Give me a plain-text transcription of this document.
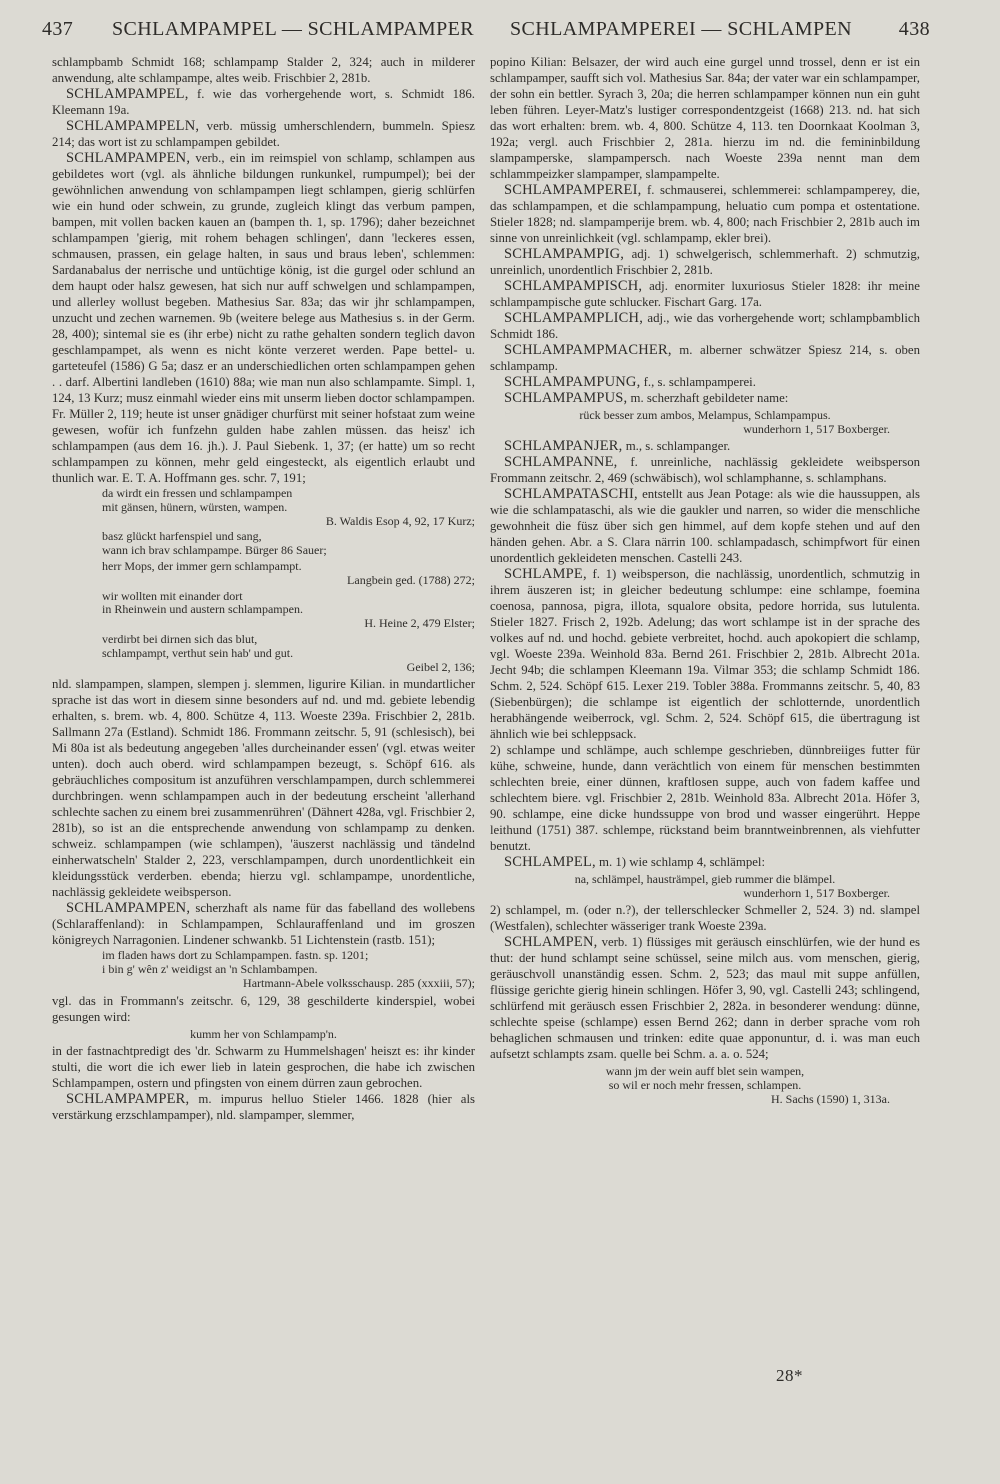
437 SCHLAMPAMPEL — SCHLAMPAMPER SCHLAMPAMPEREI — SCHLAMPEN 438

schlampbamb Schmidt 168; schlampamp Stalder 2, 324; auch in milderer anwendung, alte schlampampe, altes weib. Frischbier 2, 281b.

SCHLAMPAMPEL, f. wie das vorhergehende wort, s. Schmidt 186. Kleemann 19a.

SCHLAMPAMPELN, verb. müssig umherschlendern, bummeln. Spiesz 214; das wort ist zu schlampampen gebildet.

SCHLAMPAMPEN, verb., ein im reimspiel von schlamp, schlampen aus gebildetes wort (vgl. als ähnliche bildungen runkunkel, rumpumpel); bei der gewöhnlichen anwendung von schlampampen liegt schlampen, gierig schlürfen wie ein hund oder schwein, zu grunde, zugleich klingt das verbum pampen, bampen, mit vollen backen kauen an (bampen th. 1, sp. 1796); daher bezeichnet schlampampen 'gierig, mit rohem behagen schlingen', dann 'leckeres essen, schmausen, prassen, ein gelage halten, in saus und braus leben', schlemmen: Sardanabalus der nerrische und untüchtige könig, ist die gurgel oder schlund an dem haupt oder halsz gewesen, hat sich nur auff schwelgen und schlampampen, und allerley wollust begeben. Mathesius Sar. 83a; das wir jhr schlampampen, unzucht und zechen warnemen. 9b (weitere belege aus Mathesius s. in der Germ. 28, 400); sintemal sie es (ihr erbe) nicht zu rathe gehalten sondern teglich davon geschlampampet, als wenn es nicht könte verzeret werden. Pape bettel- u. garteteufel (1586) G 5a; dasz er an underschiedlichen orten schlampampen gehen . . darf. Albertini landleben (1610) 88a; wie man nun also schlampamte. Simpl. 1, 124, 13 Kurz; musz einmahl wieder eins mit unserm lieben doctor schlampampen. Fr. Müller 2, 119; heute ist unser gnädiger churfürst mit seiner hofstaat zum weine gewesen, wofür ich funfzehn gulden habe zahlen müssen. das heisz' ich schlampampen (aus dem 16. jh.). J. Paul Siebenk. 1, 37; (er hatte) um so recht schlampampen zu können, mehr geld eingesteckt, als eigentlich erlaubt und thunlich war. E. T. A. Hoffmann ges. schr. 7, 191;

da wirdt ein fressen und schlampampen
mit gänsen, hünern, würsten, wampen.
B. Waldis Esop 4, 92, 17 Kurz;
basz glückt harfenspiel und sang,
wann ich brav schlampampe. Bürger 86 Sauer;
herr Mops, der immer gern schlampampt.
Langbein ged. (1788) 272;
wir wollten mit einander dort
in Rheinwein und austern schlampampen.
H. Heine 2, 479 Elster;
verdirbt bei dirnen sich das blut,
schlampampt, verthut sein hab' und gut.
Geibel 2, 136;

nld. slampampen, slampen, slempen j. slemmen, ligurire Kilian. in mundartlicher sprache ist das wort in diesem sinne besonders auf nd. und md. gebiete lebendig erhalten, s. brem. wb. 4, 800. Schütze 4, 113. Woeste 239a. Frischbier 2, 281b. Sallmann 27a (Estland). Schmidt 186. Frommann zeitschr. 5, 91 (schlesisch), bei Mi 80a ist als bedeutung angegeben 'alles durcheinander essen' (vgl. etwas weiter unten). doch auch oberd. wird schlampampen bezeugt, s. Schöpf 616. als gebräuchliches compositum ist anzuführen verschlampampen, durch schlemmerei durchbringen. wenn schlampampen auch in der bedeutung erscheint 'allerhand schlechte sachen zu einem brei zusammenrühren' (Dähnert 428a, vgl. Frischbier 2, 281b), so ist an die entsprechende anwendung von schlampamp zu denken. schweiz. schlampampen (wie schlampen), 'äuszerst nachlässig und tändelnd einherwatscheln' Stalder 2, 223, verschlampampen, durch unordentlichkeit ein kleidungsstück verderben. ebenda; hierzu vgl. schlampampe, unordentliche, nachlässig gekleidete weibsperson.

SCHLAMPAMPEN, scherzhaft als name für das fabelland des wollebens (Schlaraffenland): in Schlampampen, Schlauraffenland und im groszen königreych Narragonien. Lindener schwankb. 51 Lichtenstein (rastb. 151);

im fladen haws dort zu Schlampampen. fastn. sp. 1201;
i bin g' wên z' weidigst an 'n Schlambampen.
Hartmann-Abele volksschausp. 285 (xxxiii, 57);

vgl. das in Frommann's zeitschr. 6, 129, 38 geschilderte kinderspiel, wobei gesungen wird:

kumm her von Schlampamp'n.

in der fastnachtpredigt des 'dr. Schwarm zu Hummelshagen' heiszt es: ihr kinder stulti, die wort die ich ewer lieb in latein gesprochen, die habe ich zwischen Schlampampen, ostern und pfingsten von einem dürren zaun gebrochen.

SCHLAMPAMPER, m. impurus helluo Stieler 1466. 1828 (hier als verstärkung erzschlampamper), nld. slampamper, slemmer,

popino Kilian: Belsazer, der wird auch eine gurgel unnd trossel, denn er ist ein schlampamper, saufft sich vol. Mathesius Sar. 84a; der vater war ein schlampamper, der sohn ein bettler. Syrach 3, 20a; die herren schlampamper können nun ein guht leben führen. Leyer-Matz's lustiger correspondentzgeist (1668) 213. nd. hat sich das wort erhalten: brem. wb. 4, 800. Schütze 4, 113. ten Doornkaat Koolman 3, 192a; vergl. auch Frischbier 2, 281a. hierzu im nd. die femininbildung slampamperske, slampampersch. nach Woeste 239a nennt man dem schlammpeizker slampamper, slampampelte.

SCHLAMPAMPEREI, f. schmauserei, schlemmerei: schlampamperey, die, das schlampampen, et die schlampampung, heluatio cum pompa et ostentatione. Stieler 1828; nd. slampamperije brem. wb. 4, 800; nach Frischbier 2, 281b auch im sinne von unreinlichkeit (vgl. schlampamp, ekler brei).

SCHLAMPAMPIG, adj. 1) schwelgerisch, schlemmerhaft. 2) schmutzig, unreinlich, unordentlich Frischbier 2, 281b.

SCHLAMPAMPISCH, adj. enormiter luxuriosus Stieler 1828: ihr meine schlampampische gute schlucker. Fischart Garg. 17a.

SCHLAMPAMPLICH, adj., wie das vorhergehende wort; schlampbamblich Schmidt 186.

SCHLAMPAMPMACHER, m. alberner schwätzer Spiesz 214, s. oben schlampamp.

SCHLAMPAMPUNG, f., s. schlampamperei.

SCHLAMPAMPUS, m. scherzhaft gebildeter name:

rück besser zum ambos, Melampus, Schlampampus.
wunderhorn 1, 517 Boxberger.

SCHLAMPANJER, m., s. schlampanger.

SCHLAMPANNE, f. unreinliche, nachlässig gekleidete weibsperson Frommann zeitschr. 2, 469 (schwäbisch), wol schlamphanne, s. schlamphans.

SCHLAMPATASCHI, entstellt aus Jean Potage: als wie die haussuppen, als wie die schlampataschi, als wie die gaukler und narren, so wider die menschliche gewohnheit die füsz über sich gen himmel, auf dem kopfe stehen und auf den händen gehen. Abr. a S. Clara närrin 100. schlampadasch, schimpfwort für einen unordentlich gekleideten menschen. Castelli 243.

SCHLAMPE, f. 1) weibsperson, die nachlässig, unordentlich, schmutzig in ihrem äuszeren ist; in gleicher bedeutung schlumpe: eine schlampe, foemina coenosa, pannosa, pigra, illota, squalore obsita, pedore horrida, sus lutulenta. Stieler 1827. Frisch 2, 192b. Adelung; das wort schlampe ist in der sprache des volkes auf nd. und hochd. gebiete verbreitet, hochd. auch apokopiert die schlamp, vgl. Woeste 239a. Weinhold 83a. Bernd 261. Frischbier 2, 281b. Albrecht 201a. Jecht 94b; die schlampen Kleemann 19a. Vilmar 353; die schlamp Schmidt 186. Schm. 2, 524. Schöpf 615. Lexer 219. Tobler 388a. Frommanns zeitschr. 5, 40, 83 (Siebenbürgen); die schlampe ist eigentlich der schlotternde, unordentlich herabhängende weiberrock, vgl. Schm. 2, 524. Schöpf 615, die übertragung ist ähnlich wie bei schleppsack.

2) schlampe und schlämpe, auch schlempe geschrieben, dünnbreiiges futter für kühe, schweine, hunde, dann verächtlich von einem für menschen bestimmten schlechten breie, einer dünnen, kraftlosen suppe, auch von fadem kaffee und schlechtem biere. vgl. Frischbier 2, 281b. Weinhold 83a. Albrecht 201a. Höfer 3, 90. schlampe, eine dicke hundssuppe von brod und wasser eingerührt. Heppe leithund (1751) 387. schlempe, rückstand beim branntweinbrennen, als viehfutter benutzt.

SCHLAMPEL, m. 1) wie schlamp 4, schlämpel:

na, schlämpel, hausträmpel, gieb rummer die blämpel.
wunderhorn 1, 517 Boxberger.

2) schlampel, m. (oder n.?), der tellerschlecker Schmeller 2, 524. 3) nd. slampel (Westfalen), schlechter wässeriger trank Woeste 239a.

SCHLAMPEN, verb. 1) flüssiges mit geräusch einschlürfen, wie der hund es thut: der hund schlampt seine schüssel, seine milch aus. vom menschen, gierig, geräuschvoll unanständig essen. Schm. 2, 523; das maul mit suppe anfüllen, flüssige gerichte gierig hinein schlingen. Höfer 3, 90, vgl. Castelli 243; schlingend, schlürfend mit geräusch essen Frischbier 2, 282a. in besonderer wendung: dünne, schlechte speise (schlampe) essen Bernd 262; dann in derber sprache vom roh behaglichen schmausen und trinken: edite quae apponuntur, d. i. was man euch aufsetzt schlampts zsam. quelle bei Schm. a. a. o. 524;

wann jm der wein auff blet sein wampen,
so wil er noch mehr fressen, schlampen.
H. Sachs (1590) 1, 313a.
28*
